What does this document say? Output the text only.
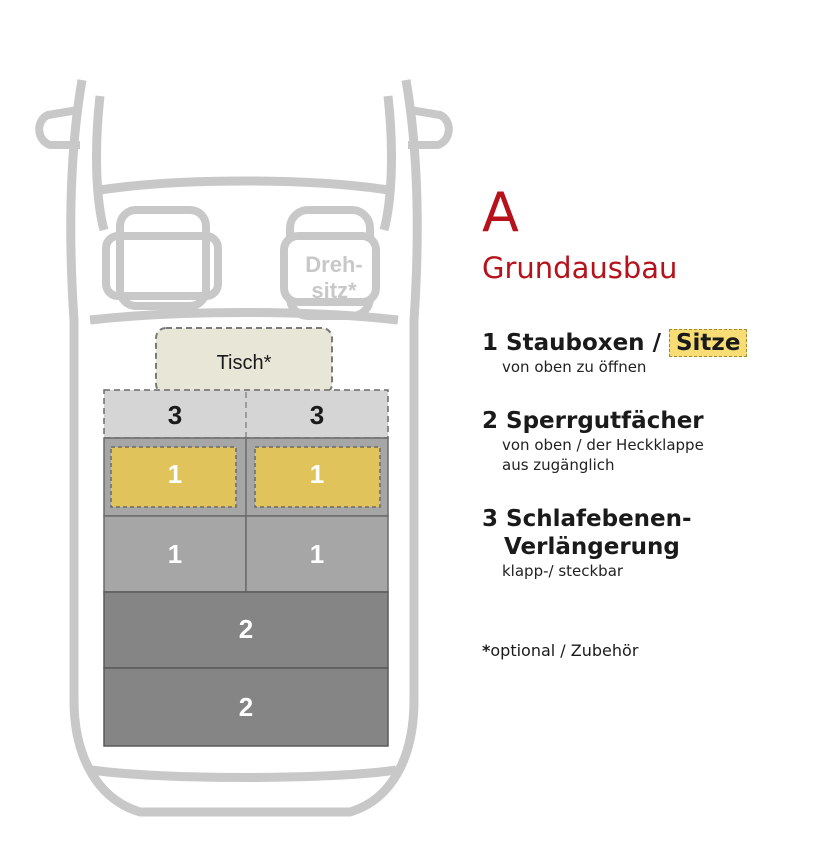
Dreh-
sitz*
Tisch*
3	3
1	1
1	1
2
2
A
Grundausbau
1 Stauboxen / Sitze
von oben zu öffnen
2 Sperrgutfächer
von oben / der Heckklappe
aus zugänglich
3 Schlafebenen-
Verlängerung
klapp-/ steckbar
*optional / Zubehör
